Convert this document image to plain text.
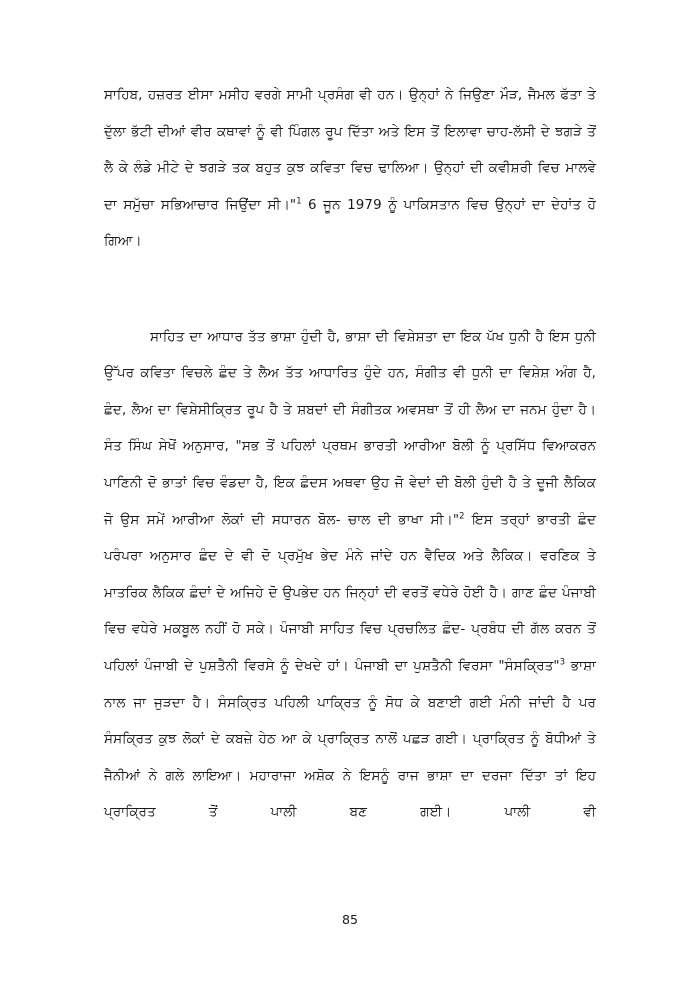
ਸਾਹਿਬ, ਹਜ਼ਰਤ ਈਸਾ ਮਸੀਹ ਵਰਗੇ ਸਾਮੀ ਪ੍ਰਸੰਗ ਵੀ ਹਨ। ਉਨ੍ਹਾਂ ਨੇ ਜਿਉਣਾ ਮੌੜ, ਜੈਮਲ ਫੱਤਾ ਤੇ ਦੁੱਲਾ ਭੱਟੀ ਦੀਆਂ ਵੀਰ ਕਥਾਵਾਂ ਨੂੰ ਵੀ ਪਿੰਗਲ ਰੂਪ ਦਿੱਤਾ ਅਤੇ ਇਸ ਤੋਂ ਇਲਾਵਾ ਚਾਹ-ਲੱਸੀ ਦੇ ਝਗੜੇ ਤੋਂ ਲੈ ਕੇ ਲੰਡੇ ਮੀਟੇ ਦੇ ਝਗੜੇ ਤਕ ਬਹੁਤ ਕੁਝ ਕਵਿਤਾ ਵਿਚ ਢਾਲਿਆ। ਉਨ੍ਹਾਂ ਦੀ ਕਵੀਸ਼ਰੀ ਵਿਚ ਮਾਲਵੇ ਦਾ ਸਮੁੱਚਾ ਸਭਿਆਚਾਰ ਜਿਉਂਦਾ ਸੀ।"$^1$ 6 ਜੂਨ 1979 ਨੂੰ ਪਾਕਿਸਤਾਨ ਵਿਚ ਉਨ੍ਹਾਂ ਦਾ ਦੇਹਾਂਤ ਹੋ ਗਿਆ।

ਸਾਹਿਤ ਦਾ ਆਧਾਰ ਤੱਤ ਭਾਸ਼ਾ ਹੁੰਦੀ ਹੈ, ਭਾਸ਼ਾ ਦੀ ਵਿਸ਼ੇਸ਼ਤਾ ਦਾ ਇਕ ਪੱਖ ਧੁਨੀ ਹੈ ਇਸ ਧੁਨੀ ਉੱਪਰ ਕਵਿਤਾ ਵਿਚਲੇ ਛੰਦ ਤੇ ਲੈਅ ਤੱਤ ਆਧਾਰਿਤ ਹੁੰਦੇ ਹਨ, ਸੰਗੀਤ ਵੀ ਧੁਨੀ ਦਾ ਵਿਸ਼ੇਸ਼ ਅੰਗ ਹੈ, ਛੰਦ, ਲੈਅ ਦਾ ਵਿਸ਼ੇਸੀਕ੍ਰਿਤ ਰੂਪ ਹੈ ਤੇ ਸ਼ਬਦਾਂ ਦੀ ਸੰਗੀਤਕ ਅਵਸਥਾ ਤੋਂ ਹੀ ਲੈਅ ਦਾ ਜਨਮ ਹੁੰਦਾ ਹੈ। ਸੰਤ ਸਿੰਘ ਸੇਖੋਂ ਅਨੁਸਾਰ, "ਸਭ ਤੋਂ ਪਹਿਲਾਂ ਪ੍ਰਥਮ ਭਾਰਤੀ ਆਰੀਆ ਬੋਲੀ ਨੂੰ ਪ੍ਰਸਿੱਧ ਵਿਆਕਰਨ ਪਾਣਿਨੀ ਦੋ ਭਾਤਾਂ ਵਿਚ ਵੰਡਦਾ ਹੈ, ਇਕ ਛੰਦਸ ਅਥਵਾ ਉਹ ਜੋ ਵੇਦਾਂ ਦੀ ਬੋਲੀ ਹੁੰਦੀ ਹੈ ਤੇ ਦੂਜੀ ਲੈਕਿਕ ਜੋ ਉਸ ਸਮੇਂ ਆਰੀਆ ਲੋਕਾਂ ਦੀ ਸਧਾਰਨ ਬੋਲ- ਚਾਲ ਦੀ ਭਾਖਾ ਸੀ।"$^2$ ਇਸ ਤਰ੍ਹਾਂ ਭਾਰਤੀ ਛੰਦ ਪਰੰਪਰਾ ਅਨੁਸਾਰ ਛੰਦ ਦੇ ਵੀ ਦੋ ਪ੍ਰਮੁੱਖ ਭੇਦ ਮੰਨੇ ਜਾਂਦੇ ਹਨ ਵੈਦਿਕ ਅਤੇ ਲੈਕਿਕ। ਵਰਣਿਕ ਤੇ ਮਾਤਰਿਕ ਲੈਕਿਕ ਛੰਦਾਂ ਦੇ ਅਜਿਹੇ ਦੋ ਉਪਭੇਦ ਹਨ ਜਿਨ੍ਹਾਂ ਦੀ ਵਰਤੋਂ ਵਧੇਰੇ ਹੋਈ ਹੈ। ਗਾਣ ਛੰਦ ਪੰਜਾਬੀ ਵਿਚ ਵਧੇਰੇ ਮਕਬੂਲ ਨਹੀਂ ਹੋ ਸਕੇ। ਪੰਜਾਬੀ ਸਾਹਿਤ ਵਿਚ ਪ੍ਰਚਲਿਤ ਛੰਦ- ਪ੍ਰਬੰਧ ਦੀ ਗੱਲ ਕਰਨ ਤੋਂ ਪਹਿਲਾਂ ਪੰਜਾਬੀ ਦੇ ਪੁਸ਼ਤੈਨੀ ਵਿਰਸੇ ਨੂੰ ਦੇਖਦੇ ਹਾਂ। ਪੰਜਾਬੀ ਦਾ ਪੁਸ਼ਤੈਨੀ ਵਿਰਸਾ "ਸੰਸਕ੍ਰਿਤ"$^3$ ਭਾਸ਼ਾ ਨਾਲ ਜਾ ਜੁੜਦਾ ਹੈ। ਸੰਸਕ੍ਰਿਤ ਪਹਿਲੀ ਪਾਕ੍ਰਿਤ ਨੂੰ ਸੋਧ ਕੇ ਬਣਾਈ ਗਈ ਮੰਨੀ ਜਾਂਦੀ ਹੈ ਪਰ ਸੰਸਕ੍ਰਿਤ ਕੁਝ ਲੋਕਾਂ ਦੇ ਕਬਜ਼ੇ ਹੇਠ ਆ ਕੇ ਪ੍ਰਾਕ੍ਰਿਤ ਨਾਲੋਂ ਪਛੜ ਗਈ। ਪ੍ਰਾਕ੍ਰਿਤ ਨੂੰ ਬੋਧੀਆਂ ਤੇ ਜੈਨੀਆਂ ਨੇ ਗਲੇ ਲਾਇਆ। ਮਹਾਰਾਜਾ ਅਸ਼ੋਕ ਨੇ ਇਸਨੂੰ ਰਾਜ ਭਾਸ਼ਾ ਦਾ ਦਰਜਾ ਦਿੱਤਾ ਤਾਂ ਇਹ ਪ੍ਰਾਕ੍ਰਿਤ ਤੋਂ ਪਾਲੀ ਬਣ ਗਈ। ਪਾਲੀ ਵੀ

85
